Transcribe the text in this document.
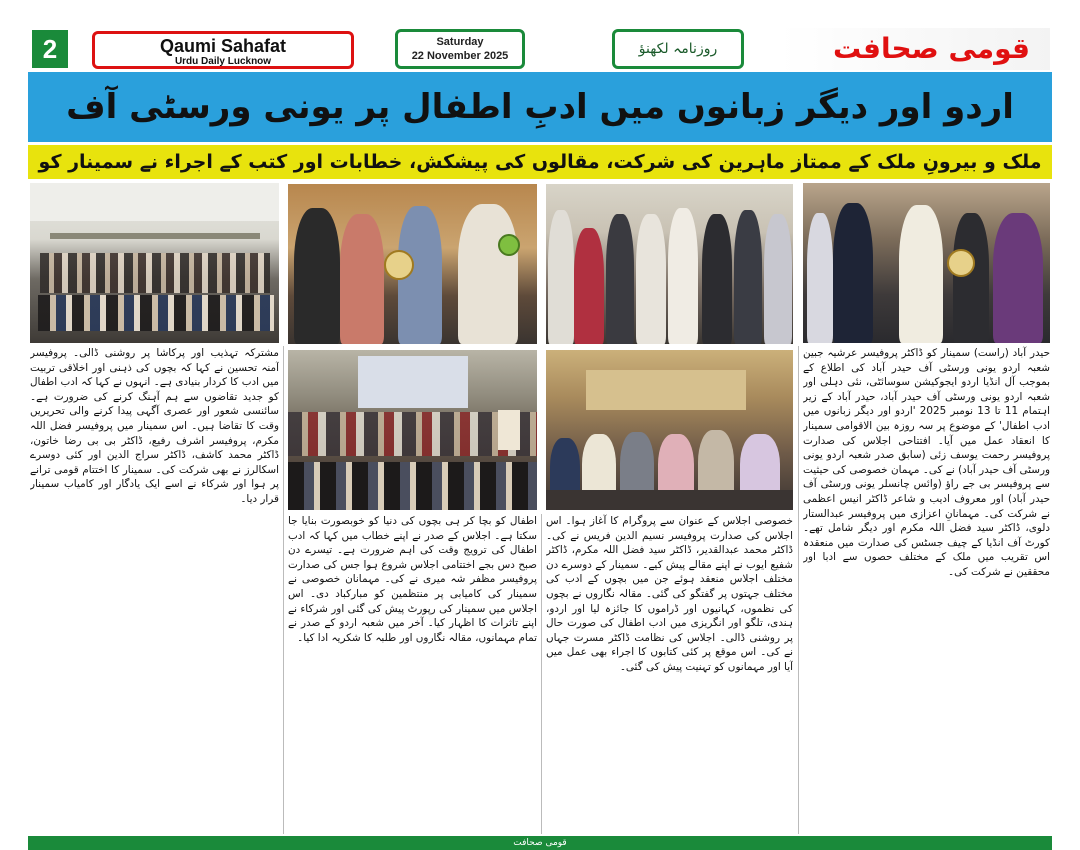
2	Qaumi Sahafat
Urdu Daily Lucknow
Saturday
22 November 2025	روزنامہ لکھنؤ	قومی صحافت
اردو اور دیگر زبانوں میں ادبِ اطفال پر یونی ورسٹی آف
ملک و بیرونِ ملک کے ممتاز ماہرین کی شرکت، مقالوں کی پیشکش، خطابات اور کتب کے اجراء نے سمینار کو
حیدر آباد (راست) سمینار کو ڈاکٹر پروفیسر عرشیہ جبین شعبہ اردو یونی ورسٹی آف حیدر آباد کی اطلاع کے بموجب آل انڈیا اردو ایجوکیشن سوسائٹی، نئی دہلی اور شعبہ اردو یونی ورسٹی آف حیدر آباد، حیدر آباد کے زیر اہتمام 11 تا 13 نومبر 2025 'اردو اور دیگر زبانوں میں ادب اطفال' کے موضوع پر سہ روزہ بین الاقوامی سمینار کا انعقاد عمل میں آیا۔ افتتاحی اجلاس کی صدارت پروفیسر رحمت یوسف زئی (سابق صدر شعبہ اردو یونی ورسٹی آف حیدر آباد) نے کی۔ مہمان خصوصی کی حیثیت سے پروفیسر بی جے راؤ (وائس چانسلر یونی ورسٹی آف حیدر آباد) اور معروف ادیب و شاعر ڈاکٹر انیس اعظمی نے شرکت کی۔ مہمانانِ اعزازی میں پروفیسر عبدالستار دلوی، ڈاکٹر سید فضل اللہ مکرم اور دیگر شامل تھے۔ کورٹ آف انڈیا کے چیف جسٹس کی صدارت میں منعقدہ اس تقریب میں ملک کے مختلف حصوں سے ادبا اور محققین نے شرکت کی۔
خصوصی اجلاس کے عنوان سے پروگرام کا آغاز ہوا۔ اس اجلاس کی صدارت پروفیسر نسیم الدین فریس نے کی۔ ڈاکٹر محمد عبدالقدیر، ڈاکٹر سید فضل اللہ مکرم، ڈاکٹر شفیع ایوب نے اپنے مقالے پیش کیے۔ سمینار کے دوسرے دن مختلف اجلاس منعقد ہوئے جن میں بچوں کے ادب کی مختلف جہتوں پر گفتگو کی گئی۔ مقالہ نگاروں نے بچوں کی نظموں، کہانیوں اور ڈراموں کا جائزہ لیا اور اردو، ہندی، تلگو اور انگریزی میں ادب اطفال کی صورت حال پر روشنی ڈالی۔ اجلاس کی نظامت ڈاکٹر مسرت جہاں نے کی۔ اس موقع پر کئی کتابوں کا اجراء بھی عمل میں آیا اور مہمانوں کو تہنیت پیش کی گئی۔
اطفال کو بچا کر ہی بچوں کی دنیا کو خوبصورت بنایا جا سکتا ہے۔ اجلاس کے صدر نے اپنے خطاب میں کہا کہ ادب اطفال کی ترویج وقت کی اہم ضرورت ہے۔ تیسرے دن صبح دس بجے اختتامی اجلاس شروع ہوا جس کی صدارت پروفیسر مظفر شہ میری نے کی۔ مہمانان خصوصی نے سمینار کی کامیابی پر منتظمین کو مبارکباد دی۔ اس اجلاس میں سمینار کی رپورٹ پیش کی گئی اور شرکاء نے اپنے تاثرات کا اظہار کیا۔ آخر میں شعبہ اردو کے صدر نے تمام مہمانوں، مقالہ نگاروں اور طلبہ کا شکریہ ادا کیا۔
مشترکہ تہذیب اور پرکاشا پر روشنی ڈالی۔ پروفیسر آمنہ تحسین نے کہا کہ بچوں کی ذہنی اور اخلاقی تربیت میں ادب کا کردار بنیادی ہے۔ انہوں نے کہا کہ ادب اطفال کو جدید تقاضوں سے ہم آہنگ کرنے کی ضرورت ہے۔ سائنسی شعور اور عصری آگہی پیدا کرنے والی تحریریں وقت کا تقاضا ہیں۔ اس سمینار میں پروفیسر فضل اللہ مکرم، پروفیسر اشرف رفیع، ڈاکٹر بی بی رضا خاتون، ڈاکٹر محمد کاشف، ڈاکٹر سراج الدین اور کئی دوسرے اسکالرز نے بھی شرکت کی۔ سمینار کا اختتام قومی ترانے پر ہوا اور شرکاء نے اسے ایک یادگار اور کامیاب سمینار قرار دیا۔
قومی صحافت
